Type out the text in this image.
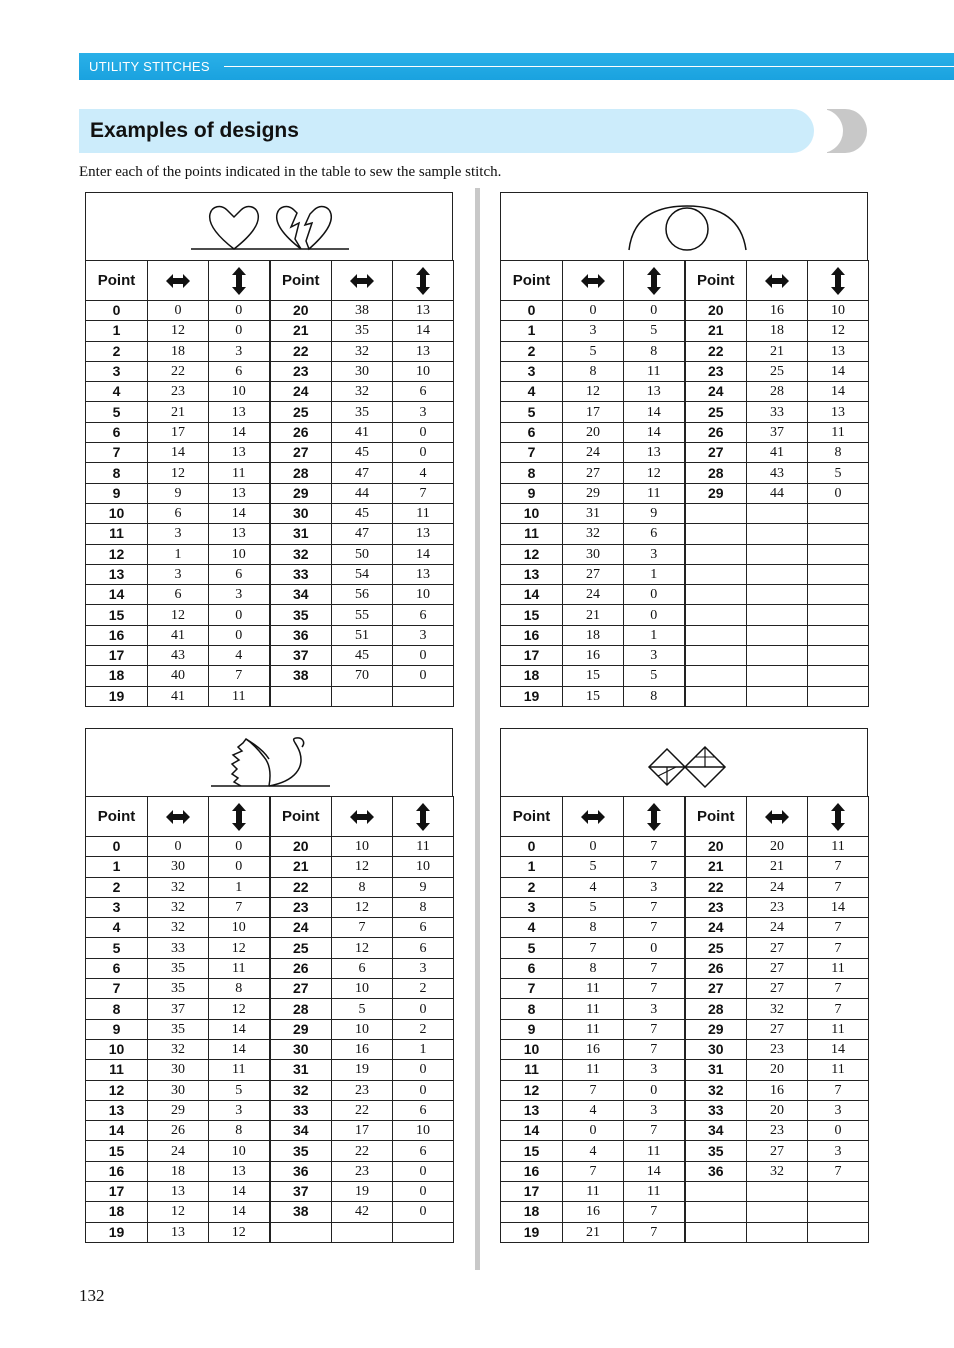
UTILITY STITCHES
Examples of designs
Enter each of the points indicated in the table to sew the sample stitch.
Point			Point		
0	0	0	20	38	13
1	12	0	21	35	14
2	18	3	22	32	13
3	22	6	23	30	10
4	23	10	24	32	6
5	21	13	25	35	3
6	17	14	26	41	0
7	14	13	27	45	0
8	12	11	28	47	4
9	9	13	29	44	7
10	6	14	30	45	11
11	3	13	31	47	13
12	1	10	32	50	14
13	3	6	33	54	13
14	6	3	34	56	10
15	12	0	35	55	6
16	41	0	36	51	3
17	43	4	37	45	0
18	40	7	38	70	0
19	41	11			
Point			Point		
0	0	0	20	16	10
1	3	5	21	18	12
2	5	8	22	21	13
3	8	11	23	25	14
4	12	13	24	28	14
5	17	14	25	33	13
6	20	14	26	37	11
7	24	13	27	41	8
8	27	12	28	43	5
9	29	11	29	44	0
10	31	9			
11	32	6			
12	30	3			
13	27	1			
14	24	0			
15	21	0			
16	18	1			
17	16	3			
18	15	5			
19	15	8			
Point			Point		
0	0	0	20	10	11
1	30	0	21	12	10
2	32	1	22	8	9
3	32	7	23	12	8
4	32	10	24	7	6
5	33	12	25	12	6
6	35	11	26	6	3
7	35	8	27	10	2
8	37	12	28	5	0
9	35	14	29	10	2
10	32	14	30	16	1
11	30	11	31	19	0
12	30	5	32	23	0
13	29	3	33	22	6
14	26	8	34	17	10
15	24	10	35	22	6
16	18	13	36	23	0
17	13	14	37	19	0
18	12	14	38	42	0
19	13	12			
Point			Point		
0	0	7	20	20	11
1	5	7	21	21	7
2	4	3	22	24	7
3	5	7	23	23	14
4	8	7	24	24	7
5	7	0	25	27	7
6	8	7	26	27	11
7	11	7	27	27	7
8	11	3	28	32	7
9	11	7	29	27	11
10	16	7	30	23	14
11	11	3	31	20	11
12	7	0	32	16	7
13	4	3	33	20	3
14	0	7	34	23	0
15	4	11	35	27	3
16	7	14	36	32	7
17	11	11			
18	16	7			
19	21	7			
132
